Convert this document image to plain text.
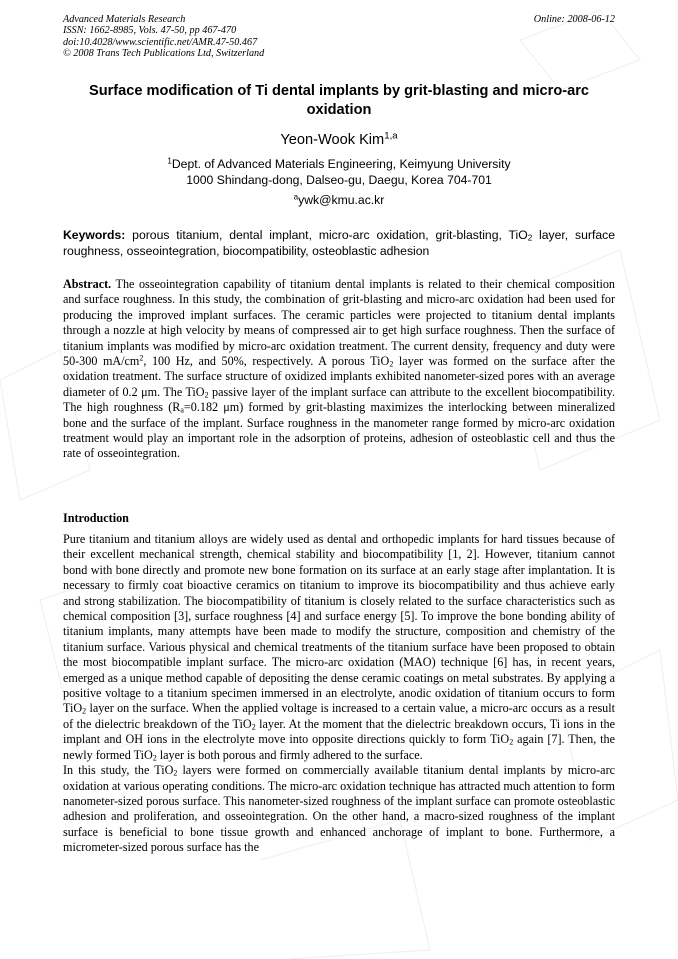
Advanced Materials Research
ISSN: 1662-8985, Vols. 47-50, pp 467-470
doi:10.4028/www.scientific.net/AMR.47-50.467
© 2008 Trans Tech Publications Ltd, Switzerland
Online: 2008-06-12
Surface modification of Ti dental implants by grit-blasting and micro-arc oxidation
Yeon-Wook Kim$^{1,a}$
$^1$Dept. of Advanced Materials Engineering, Keimyung University
1000 Shindang-dong, Dalseo-gu, Daegu, Korea 704-701
$^a$ywk@kmu.ac.kr
Keywords: porous titanium, dental implant, micro-arc oxidation, grit-blasting, TiO$_2$ layer, surface roughness, osseointegration, biocompatibility, osteoblastic adhesion
Abstract. The osseointegration capability of titanium dental implants is related to their chemical composition and surface roughness. In this study, the combination of grit-blasting and micro-arc oxidation had been used for producing the improved implant surfaces. The ceramic particles were projected to titanium dental implants through a nozzle at high velocity by means of compressed air to get high surface roughness. Then the surface of titanium implants was modified by micro-arc oxidation treatment. The current density, frequency and duty were 50-300 $mA/cm^2$, 100 Hz, and 50%, respectively. A porous TiO$_2$ layer was formed on the surface after the oxidation treatment. The surface structure of oxidized implants exhibited nanometer-sized pores with an average diameter of 0.2 μm. The TiO$_2$ passive layer of the implant surface can attribute to the excellent biocompatibility. The high roughness ($R_a=0.182$ μm) formed by grit-blasting maximizes the interlocking between mineralized bone and the surface of the implant. Surface roughness in the manometer range formed by micro-arc oxidation treatment would play an important role in the adsorption of proteins, adhesion of osteoblastic cell and thus the rate of osseointegration.
Introduction

Pure titanium and titanium alloys are widely used as dental and orthopedic implants for hard tissues because of their excellent mechanical strength, chemical stability and biocompatibility [1, 2]. However, titanium cannot bond with bone directly and promote new bone formation on its surface at an early stage after implantation. It is necessary to firmly coat bioactive ceramics on titanium to improve its biocompatibility and thus achieve early and strong stabilization. The biocompatibility of titanium is closely related to the surface characteristics such as chemical composition [3], surface roughness [4] and surface energy [5]. To improve the bone bonding ability of titanium implants, many attempts have been made to modify the structure, composition and chemistry of the titanium surface. Various physical and chemical treatments of the titanium surface have been proposed to obtain the most biocompatible implant surface. The micro-arc oxidation (MAO) technique [6] has, in recent years, emerged as a unique method capable of depositing the dense ceramic coatings on metal substrates. By applying a positive voltage to a titanium specimen immersed in an electrolyte, anodic oxidation of titanium occurs to form TiO$_2$ layer on the surface. When the applied voltage is increased to a certain value, a micro-arc occurs as a result of the dielectric breakdown of the TiO$_2$ layer. At the moment that the dielectric breakdown occurs, Ti ions in the implant and OH ions in the electrolyte move into opposite directions quickly to form TiO$_2$ again [7]. Then, the newly formed TiO$_2$ layer is both porous and firmly adhered to the surface.

In this study, the TiO$_2$ layers were formed on commercially available titanium dental implants by micro-arc oxidation at various operating conditions. The micro-arc oxidation technique has attracted much attention to form nanometer-sized porous surface. This nanometer-sized roughness of the implant surface can promote osteoblastic adhesion and proliferation, and osseointegration. On the other hand, a macro-sized roughness of the implant surface is beneficial to bone tissue growth and enhanced anchorage of implant to bone. Furthermore, a micrometer-sized porous surface has the
